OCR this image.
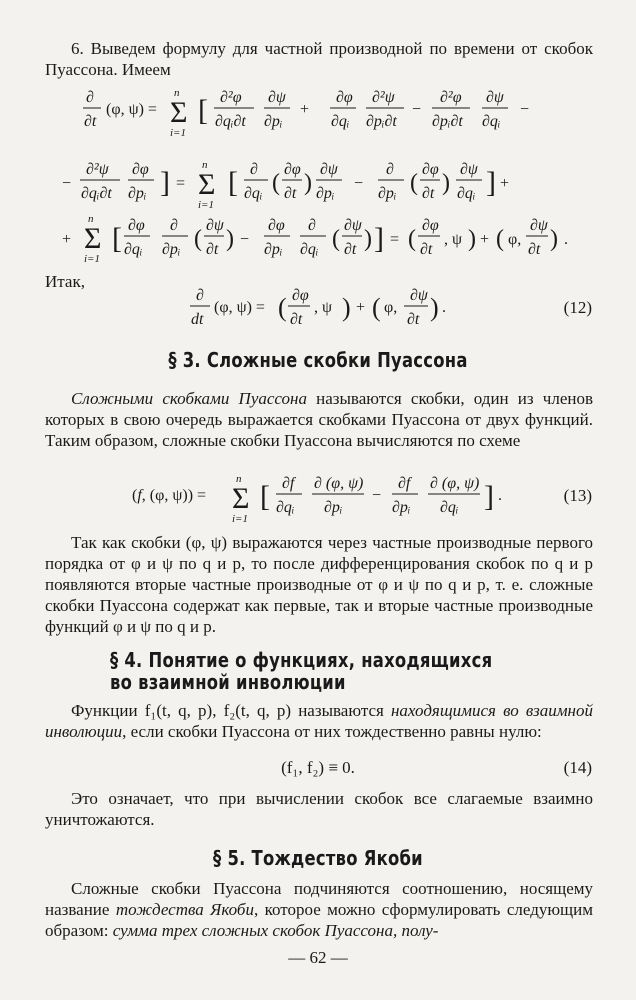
6. Выведем формулу для частной производной по времени от скобок Пуассона. Имеем

∂
∂t
(φ, ψ) =
n
Σ
i=1
[ ∂²φ
∂qᵢ∂t
∂ψ
∂pᵢ
+
∂φ
∂qᵢ
∂²ψ
∂pᵢ∂t
−
∂²φ
∂pᵢ∂t
∂ψ
∂qᵢ
−
−
∂²ψ
∂qᵢ∂t
∂φ
∂pᵢ ] =
n
Σ
i=1
[ ∂
∂qᵢ (
∂φ
∂t )
∂ψ
∂pᵢ
−
∂
∂pᵢ (
∂φ
∂t )
∂ψ
∂qᵢ ] +
+
n
Σ
i=1
[ ∂φ
∂qᵢ
∂
∂pᵢ (
∂ψ
∂t ) −
∂φ
∂pᵢ
∂
∂qᵢ (
∂ψ
∂t ) ] = (
∂φ
∂t
, ψ ) + ( φ,
∂ψ
∂t ) .
Итак,
∂
dt
(φ, ψ) = ( ∂φ
∂t
, ψ ) + ( φ,
∂ψ
∂t ) .	(12)
§ 3. Сложные скобки Пуассона

Сложными скобками Пуассона называются скобки, один из членов которых в свою очередь выражается скобками Пуассона от двух функций. Таким образом, сложные скобки Пуассона вычисляются по схеме

(f, (φ, ψ)) =
n
Σ
i=1
[ ∂f
∂qᵢ
∂ (φ, ψ)
∂pᵢ
−
∂f
∂pᵢ
∂ (φ, ψ)
∂qᵢ ] .	(13)

Так как скобки (φ, ψ) выражаются через частные производные первого порядка от φ и ψ по q и p, то после дифференцирования скобок по q и p появляются вторые частные производные от φ и ψ по q и p, т. е. сложные скобки Пуассона содержат как первые, так и вторые частные производные функций φ и ψ по q и p.

§ 4. Понятие о функциях, находящихся
во взаимной инволюции

Функции f₁(t, q, p), f₂(t, q, p) называются находящимися во взаимной инволюции, если скобки Пуассона от них тождественно равны нулю:

(f₁, f₂) ≡ 0.	(14)

Это означает, что при вычислении скобок все слагаемые взаимно уничтожаются.

§ 5. Тождество Якоби

Сложные скобки Пуассона подчиняются соотношению, носящему название тождества Якоби, которое можно сформулировать следующим образом: сумма трех сложных скобок Пуассона, полу-

— 62 —
